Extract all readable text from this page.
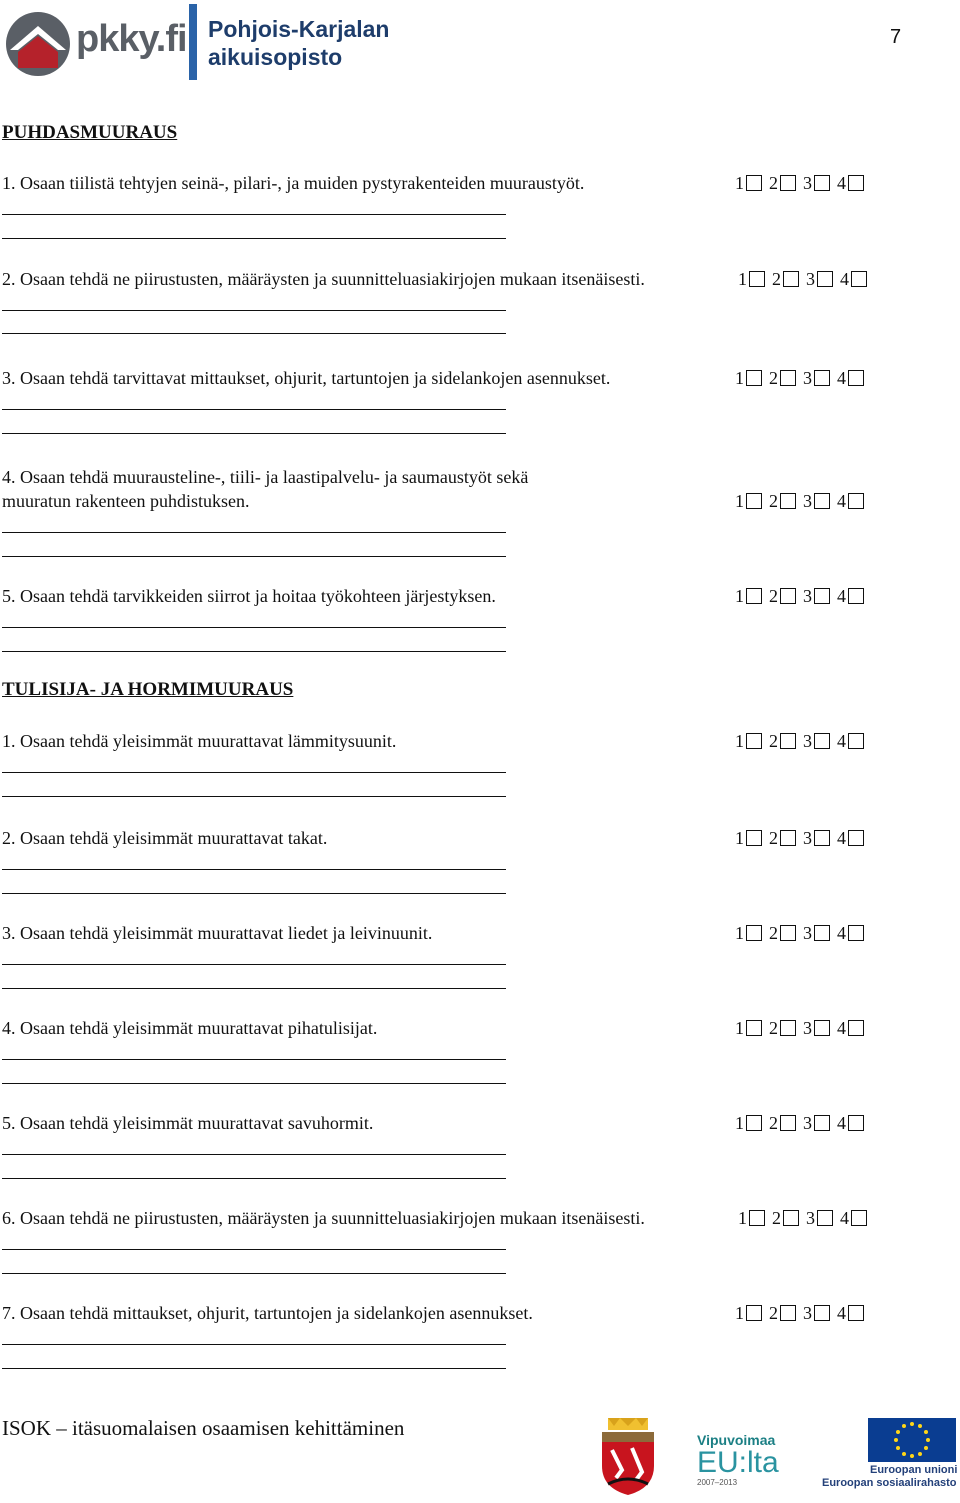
pkky.fi Pohjois-Karjalan
aikuisopisto
7
PUHDASMUURAUS
1. Osaan tiilistä tehtyjen seinä-, pilari-, ja muiden pystyrakenteiden muuraustyöt.	1 2 3 4
2. Osaan tehdä ne piirustusten, määräysten ja suunnitteluasiakirjojen mukaan itsenäisesti.	1 2 3 4
3. Osaan tehdä tarvittavat mittaukset, ohjurit, tartuntojen ja sidelankojen asennukset.	1 2 3 4
4. Osaan tehdä muurausteline-, tiili- ja laastipalvelu- ja saumaustyöt sekä
muuratun rakenteen puhdistuksen.	1 2 3 4
5. Osaan tehdä tarvikkeiden siirrot ja hoitaa työkohteen järjestyksen.	1 2 3 4
TULISIJA- JA HORMIMUURAUS
1. Osaan tehdä yleisimmät muurattavat lämmitysuunit.	1 2 3 4
2. Osaan tehdä yleisimmät muurattavat takat.	1 2 3 4
3. Osaan tehdä yleisimmät muurattavat liedet ja leivinuunit.	1 2 3 4
4. Osaan tehdä yleisimmät muurattavat pihatulisijat.	1 2 3 4
5. Osaan tehdä yleisimmät muurattavat savuhormit.	1 2 3 4
6. Osaan tehdä ne piirustusten, määräysten ja suunnitteluasiakirjojen mukaan itsenäisesti.	1 2 3 4
7. Osaan tehdä mittaukset, ohjurit, tartuntojen ja sidelankojen asennukset.	1 2 3 4
ISOK – itäsuomalaisen osaamisen kehittäminen	Vipuvoimaa
EU:lta
2007–2013
Euroopan unioni
Euroopan sosiaalirahasto
